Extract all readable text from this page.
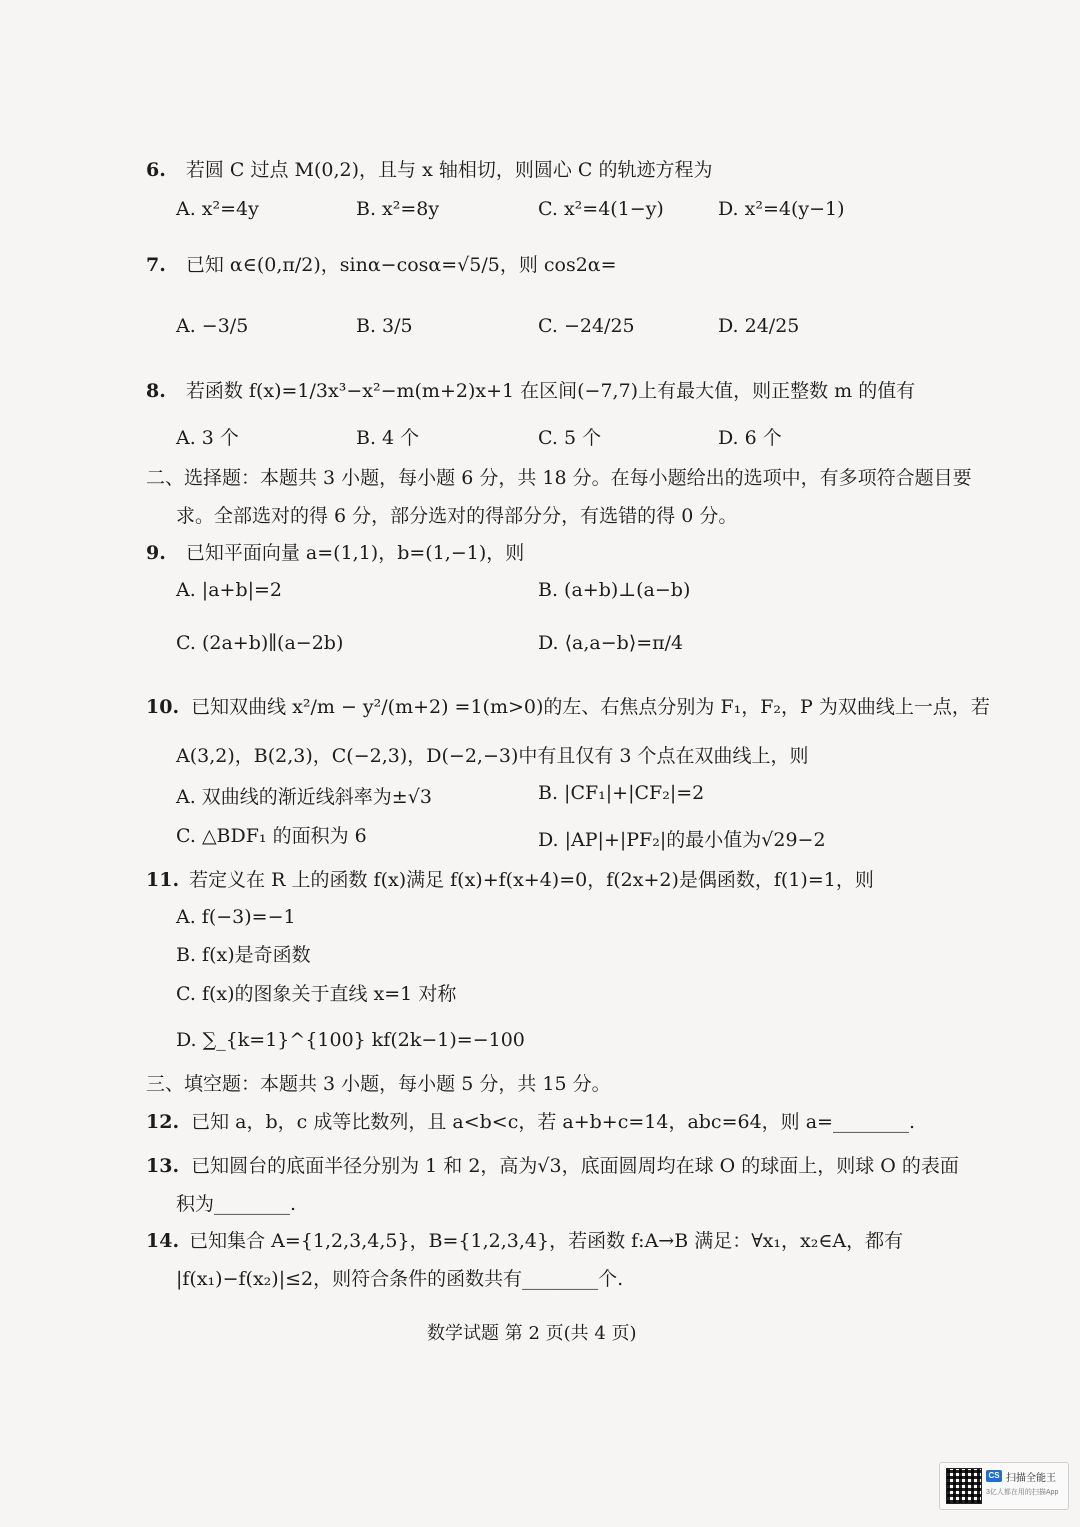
6. 若圆 C 过点 M(0,2)，且与 x 轴相切，则圆心 C 的轨迹方程为
A. x²=4y	B. x²=8y	C. x²=4(1−y)	D. x²=4(y−1)
7. 已知 α∈(0,π/2)，sinα−cosα=√5/5，则 cos2α=
A. −3/5	B. 3/5	C. −24/25	D. 24/25
8. 若函数 f(x)=1/3x³−x²−m(m+2)x+1 在区间(−7,7)上有最大值，则正整数 m 的值有
A. 3 个	B. 4 个	C. 5 个	D. 6 个
二、选择题：本题共 3 小题，每小题 6 分，共 18 分。在每小题给出的选项中，有多项符合题目要
求。全部选对的得 6 分，部分选对的得部分分，有选错的得 0 分。
9. 已知平面向量 a=(1,1)，b=(1,−1)，则
A. |a+b|=2	B. (a+b)⊥(a−b)
C. (2a+b)∥(a−2b)	D. ⟨a,a−b⟩=π/4
10. 已知双曲线 x²/m − y²/(m+2) =1(m>0)的左、右焦点分别为 F₁，F₂，P 为双曲线上一点，若
A(3,2)，B(2,3)，C(−2,3)，D(−2,−3)中有且仅有 3 个点在双曲线上，则
A. 双曲线的渐近线斜率为±√3	B. |CF₁|+|CF₂|=2
C. △BDF₁ 的面积为 6	D. |AP|+|PF₂|的最小值为√29−2
11. 若定义在 R 上的函数 f(x)满足 f(x)+f(x+4)=0，f(2x+2)是偶函数，f(1)=1，则
A. f(−3)=−1
B. f(x)是奇函数
C. f(x)的图象关于直线 x=1 对称
D. ∑_{k=1}^{100} kf(2k−1)=−100
三、填空题：本题共 3 小题，每小题 5 分，共 15 分。
12. 已知 a，b，c 成等比数列，且 a<b<c，若 a+b+c=14，abc=64，则 a=________.
13. 已知圆台的底面半径分别为 1 和 2，高为√3，底面圆周均在球 O 的球面上，则球 O 的表面
积为________.
14. 已知集合 A={1,2,3,4,5}，B={1,2,3,4}，若函数 f:A→B 满足：∀x₁，x₂∈A，都有
|f(x₁)−f(x₂)|≤2，则符合条件的函数共有________个.
数学试题 第 2 页(共 4 页)
CS 扫描全能王
3亿人都在用的扫描App
